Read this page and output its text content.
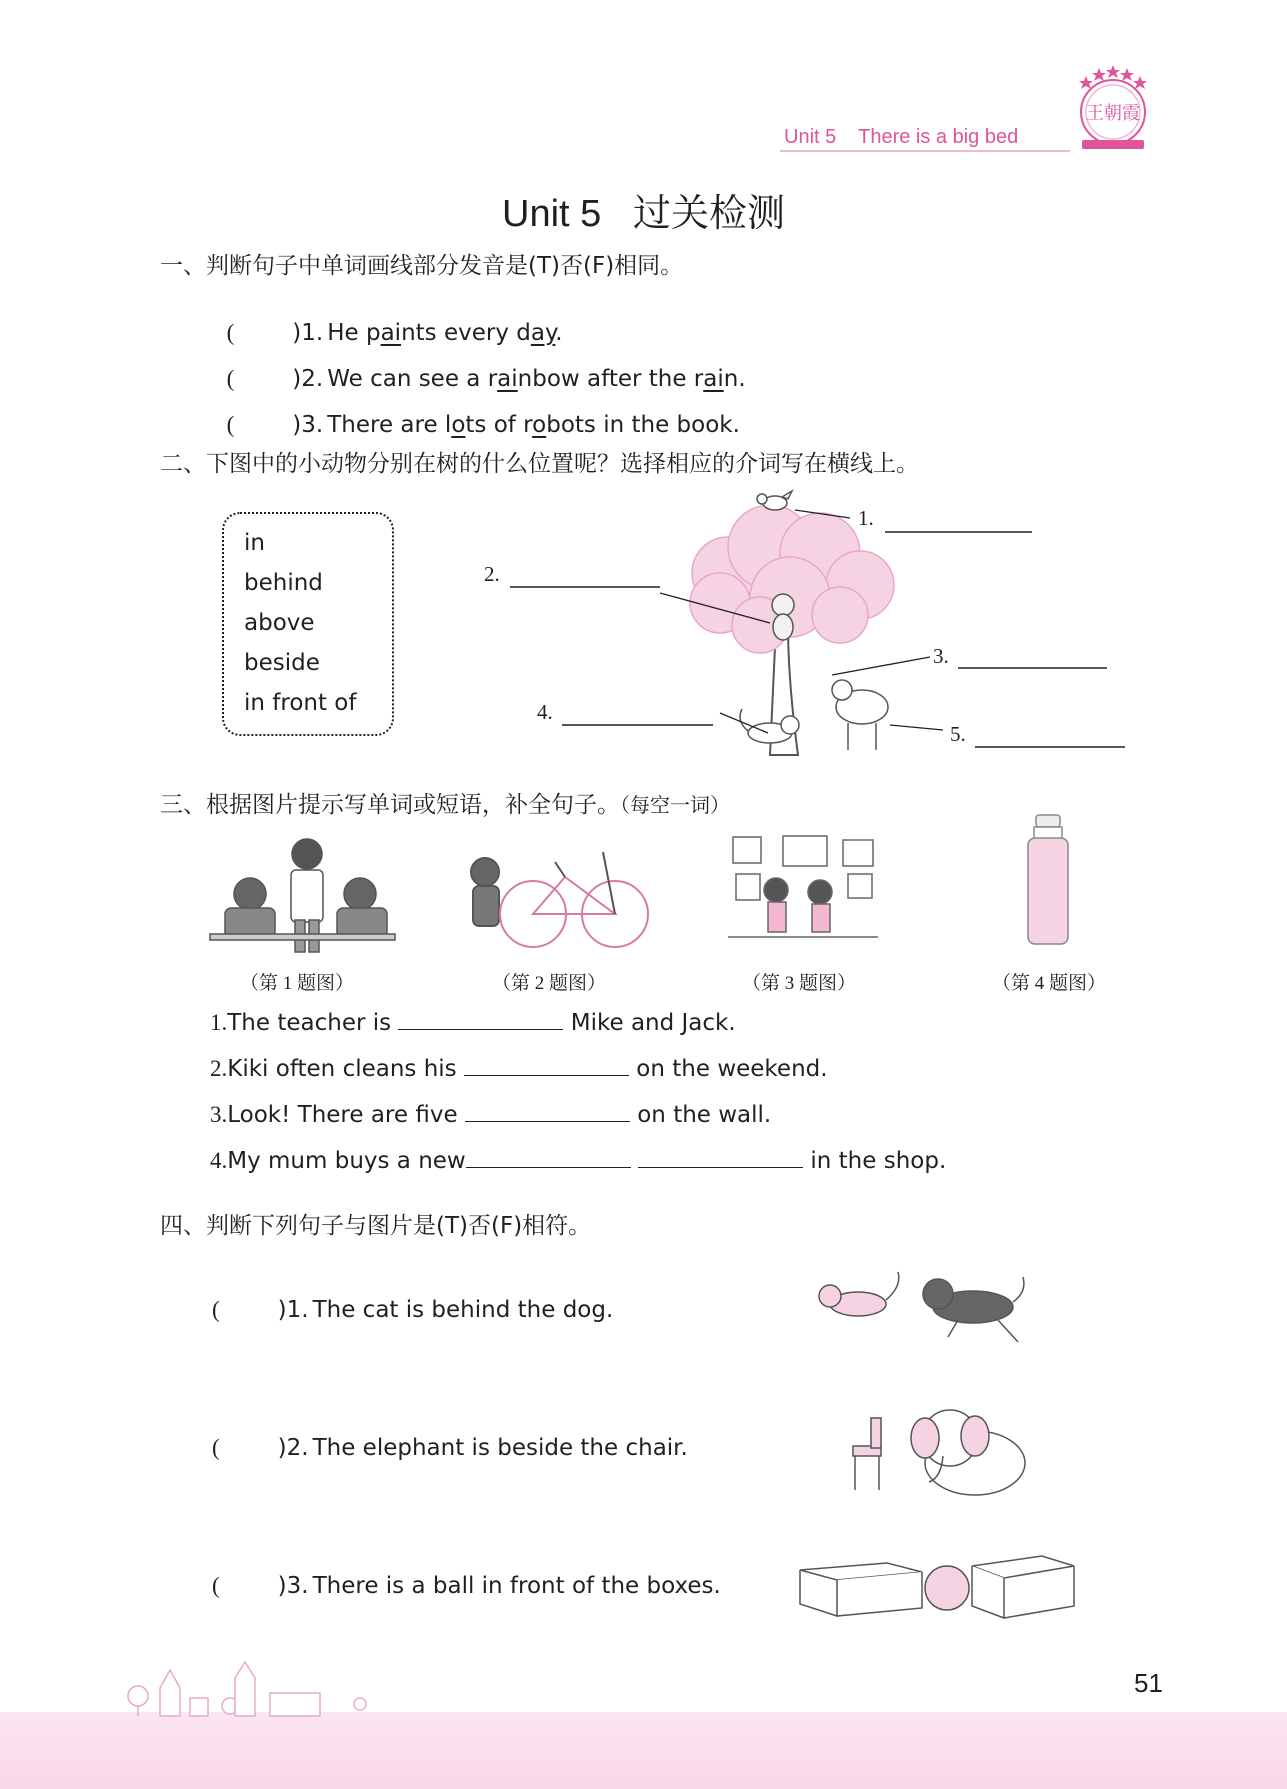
Unit 5    There is a big bed
王朝霞
Unit 5   过关检测
一、判断句子中单词画线部分发音是(T)否(F)相同。

(	)1. He paints every day.

(	)2. We can see a rainbow after the rain.

(	)3. There are lots of robots in the book.

二、下图中的小动物分别在树的什么位置呢？选择相应的介词写在横线上。
in
behind
above
beside
in front of
1.
2.
3.
4.
5.
三、根据图片提示写单词或短语，补全句子。（每空一词）
（第 1 题图）	（第 2 题图）	（第 3 题图）	（第 4 题图）
1.The teacher is	Mike and Jack.
2.Kiki often cleans his	on the weekend.
3.Look! There are five	on the wall.
4.My mum buys a new	in the shop.
四、判断下列句子与图片是(T)否(F)相符。
(	)1. The cat is behind the dog.
(	)2. The elephant is beside the chair.
(	)3. There is a ball in front of the boxes.
51
